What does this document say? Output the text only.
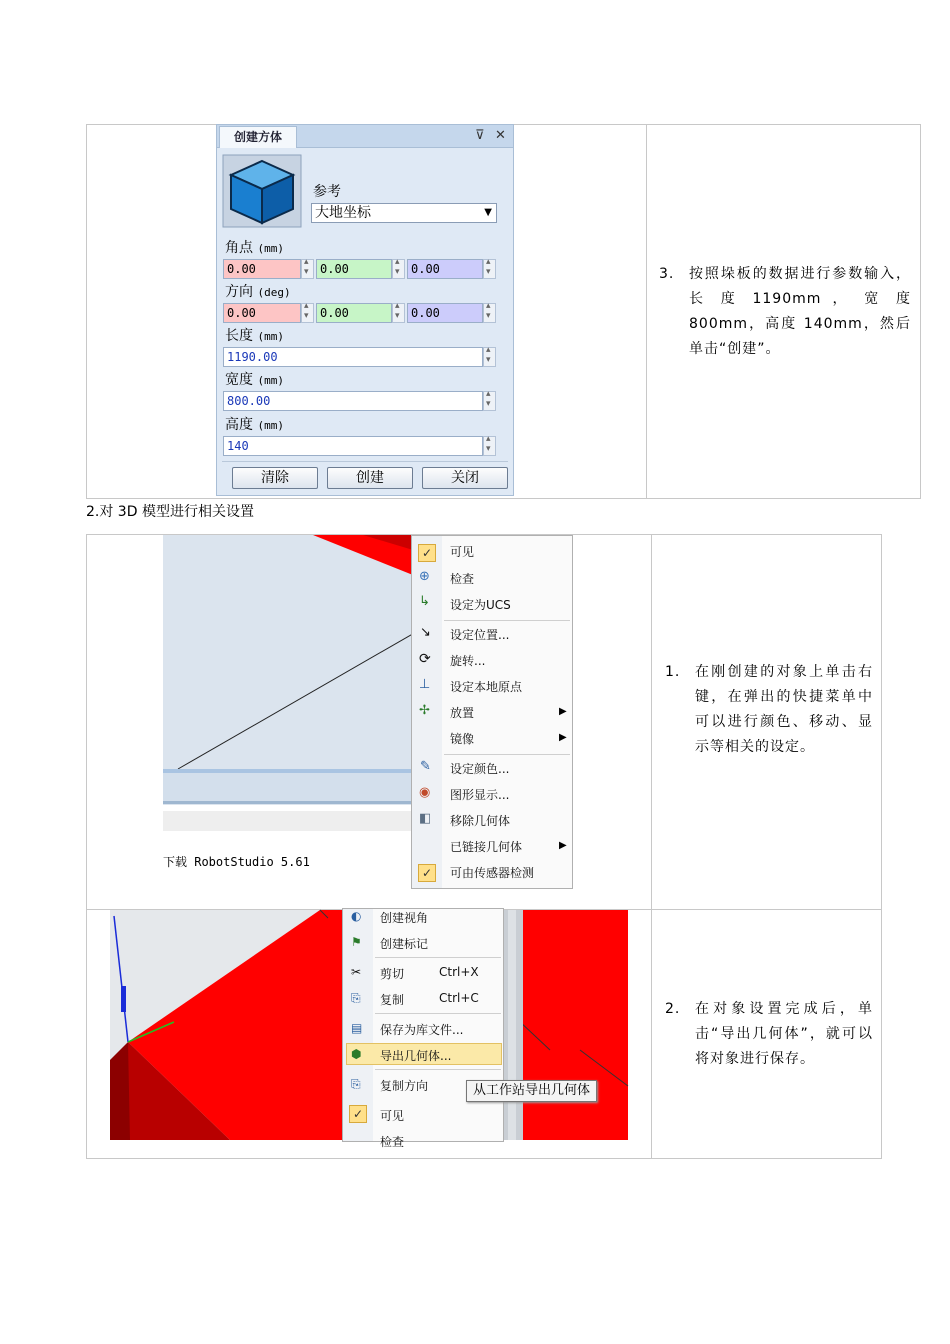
创建方体	⊽ ✕
参考
大地坐标	▼
角点 (mm)
0.00 ▴ ▾	0.00 ▴ ▾	0.00
▴ ▾
方向 (deg)
0.00 ▴ ▾	0.00 ▴ ▾	0.00
▴ ▾
长度 (mm)
1190.00
▴ ▾
宽度 (mm)
800.00
▴ ▾
高度 (mm)
140
▴ ▾
清除	创建	关闭
3. 按照垛板的数据进行参数输入， 长 度 1190mm ， 宽 度 800mm，高度 140mm，然后单击“创建”。
2.对 3D 模型进行相关设置
下载 RobotStudio 5.61
✓	可见
⊕ 检查
↳ 设定为UCS
↘ 设定位置...
⟳ 旋转...
⊥ 设定本地原点
✢ 放置	▶
镜像	▶
✎ 设定颜色...
◉ 图形显示...
◧ 移除几何体
已链接几何体	▶
✓	可由传感器检测
1. 在刚创建的对象上单击右键，在弹出的快捷菜单中可以进行颜色、移动、显示等相关的设定。
◐ 创建视角
⚑ 创建标记
✂ 剪切	Ctrl+X
⎘ 复制	Ctrl+C
▤ 保存为库文件...
⬢ 导出几何体...
⎘ 复制方向
✓	可见
检查
从工作站导出几何体
2. 在对象设置完成后，单击“导出几何体”，就可以将对象进行保存。
